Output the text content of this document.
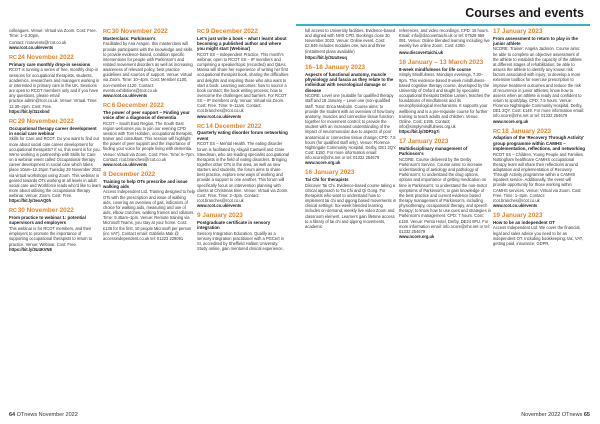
Courses and events
colleagues. Venue: Virtual via Zoom. Cost: Free. Time: 1–2.30pm.
Contact: rcotevents@rcot.co.uk
www.rcot.co.uk/events
RC 24 November 2022
Primary care monthly drop-in sessions
RCOT is running a series of free, monthly drop-in sessions for occupational therapists, students, academics, researchers and managers working in or interested in primary care in the UK. Sessions are open to RCOT members only and if you have any questions, please email practice.admin@rcot.co.uk. Venue: Virtual. Time: 12.30–2pm. Cost: Free.
https://bit.ly/3zzsbnd
RC 29 November 2022
Occupational therapy career development in social care webinar
Skills for Care and RCOT. Do you want to find out more about social care career development for occupational therapists? If so, this event is for you. We're working in partnership with Skills for Care on a webinar event called Occupational therapy career development in social care which takes place 10am–12.15pm Tuesday 29 November 2022 via virtual workshops using Zoom. This webinar is geared towards OTs working at all levels in adult social care and Workforce leads who'd like to learn more about utilising the occupational therapy webinar. Venue: Zoom. Cost: Free.
https://bit.ly/3exAQ0h
RC 30 November 2022
From practice to webinar 1: potential supervisors and employers
This webinar is for RCOT members, and their employers to promote the importance of supporting occupational therapists to return to practice. Venue: Webinar. Cost: Free.
https://bit.ly/3U4KVN8
RC 30 November 2022
Masterclass: Parkinson's
Facilitated by Ana Aragon, this masterclass will provide participants with the knowledge and skills to provide evidence-based, condition specific interventions for people with Parkinson's and related movement disorders as well as increasing awareness of relevant policy, best practice guidelines and sources of support. Venue: Virtual via Zoom. Time: 10–4pm. Cost: Member £100, non-member £120. Contact: events.exhibitions@rcot.co.uk
www.rcot.co.uk/events
RC 6 December 2022
The power of peer support – Finding your voice after a diagnosis of dementia
RCOT – South East Region. The South East region welcomes you to join our evening CPD session with Tom Hobden, occupational therapist, trainer and consultant. This session will highlight the power of peer support and the importance of finding your voice for people living with dementia. Venue: Virtual via Zoom. Cost: Free. Time: 6–7pm. Contact: rcot.branches@rcot.co.uk
www.rcot.co.uk/events
8 December 2022
Training to help OTs prescribe and issue walking aids
Access Independent Ltd. Training designed to help OTs with the prescription and issue of walking aids, covering an overview of gait, indicators of choice for walking aids, measuring and use of aids, elbow crutches, walking frames and rollators. Time: 9.45am–1pm. Venue: Remote training via Microsoft Teams, you stay at your home. Cost: £136 for the first, 10 people Microsoft per person (inc VAT). Contact email: Gabriela Mak @ accessindependent.co.uk tel: 01223 229091
RC 9 December 2022
Let's just write a book – what I learnt about becoming a published author and where you might start (Webinar)
RCOT SS – Independent Practice. This month's webinar, open to RCOT SS – IP members and comprising a speaker/topic (recorded) and Q&As. Marisa will share her experience of writing her first occupational therapist book, sharing the difficulties and delights and inspiring those who also want to start a book. Learning outcomes: how to source a book contract; the book writing process; how to overcome the challenges and barriers. For RCOT SS – IP members only. Venue: Virtual via Zoom. Cost: Free. Time: 9–11am. Contact: rcot.branches@rcot.co.uk
www.rcot.co.uk/events
RC 14 December 2022
Quarterly eating disorder forum networking event
RCOT SS – Mental Health. The eating disorder forum is facilitated by Abigail Cantwell and Clare Steedman, who are leading specialist occupational therapists in the field of eating disorders. Bringing together other OTs in the area, as well as new starters and students, the forum aims to share best practice, explore new ways of working and provide a support to one another. This forum will specifically focus on intervention planning with clients at Christmas time. Venue: Virtual via Zoom. Cost: Free. Time: 2–3pm. Contact: rcot.branches@rcot.co.uk
www.rcot.co.uk/events
9 January 2023
Postgraduate certificate in sensory integration
Sensory Integration Education. Qualify as a sensory integration practitioner with a PGCert in SI, accredited by Sheffield Hallam University. Study online, gain mentored clinical experience,
full access to University facilities. Evidence-based and aligned with NHS CPD. Bookings close 30 November 2022. Venue: Online event. Cost: £2,849 includes modules one, two and three (instalment plans available)
https://bit.ly/3UaSeuq
16–18 January 2023
Aspects of functional anatomy, muscle physiology and fascia as they relate to the individual with neurological damage or disease
NCORE. Level one (suitable for qualified therapy staff and 18 January – Level one (non-qualified staff. Tutor: Erica Malcolm. Course aims: to provide the student with an overview of how bony anatomy, muscles and connective tissue function together for movement control; to provide the student with an increased understanding of the impact of neuromuscular due to aspects of poor anatomical or connective tissue change; CPD: 7.5 hours (for qualified staff only). Venue: Florence Nightingale Community Hospital, Derby, DE1 2QY. Cost: £150. For more information email: info.ncore@nhs.net or tel: 01332 254679
www.ncore.org.uk
16 January 2023
Tai Chi for therapists
Discover Tai Chi. Evidence-based course taking a critical approach to Tai Chi and Qi Gong. For therapists who want to understand how to implement tai chi and qigong based movements in clinical settings. Six-week blended learning includes on-demand, weekly live video Zoom and classroom element. Learners gain lifetime access to a library of tai chi and qigong movements, academic
references, and video recordings. CPD: 16 hours. Email: info@discovertaichi.uk or tel: 07528 959 091. Venue: Online blended learning including live weekly live online Zoom. Cost: £250.
www.discovertaichi.uk
16 January – 13 March 2023
8-week mindfulness for life course
Simply Mindfulness. Mondays evenings, 7.30–9pm. This evidence-based 8-week mindfulness-based cognitive therapy course, developed by the University of Oxford and taught by specialist occupational therapist Debbie Larsen, teaches the foundations of mindfulness and its neurophysiological mechanisms. It supports your wellbeing and is a pre-requisite course for further training to teach adults and children. Venue: Online. Cost: £195. Contact: info@simplymindfulness.org.uk
https://bit.ly/3DP2g7i
17 January 2023
Multidisciplinary management of Parkinson's
NCORE. Course delivered by the Derby Parkinson's Service. Course aims: to increase understanding of aetiology and pathology of Parkinson's; to understand the drug options, options and importance of getting medication on time in Parkinson's; to understand the non-motor symptoms of Parkinson's; to gain knowledge of the best practice and current evidence based therapy management of Parkinson's, including physiotherapy, occupational therapy, and speech therapy; to know how to use cues and strategies in Parkinson's management. CPD: 7 hours. Cost: £150. Venue: Penta Hotel, Derby, DE24 8FU. For more information email: info.ncore@nhs.net or tel: 01332 254679
www.ncore.org.uk
17 January 2023
From assessment to return to play in the junior athlete
NCORE. Trainer: Angela Jackson. Course aims: be able to complete an objective assessment of the athlete to establish the capacity of the athlete at different stages of rehabilitation; be able to assess the athlete to identify any known risk factors associated with injury; to develop a more extensive toolbox for exercise prescription to improve treatment outcomes and reduce the risk of recurrence in junior athletes; know how to assess when an athlete is ready and confident to return to sport/play. CPD: 7.5 hours. Venue: Florence Nightingale Community Hospital, Derby, DE1 2QY. Cost: £149. For more information email: info.ncore@nhs.net or tel: 01332 254679
www.ncore.org.uk
RC 18 January 2023
Adaption of the 'Recovery Through Activity' group programme within CAMHS – implementation, reflections, and networking
RCOT SS – Children, Young People and Families. Nottingham healthcare CAMHS occupational therapy team will share their reflections around adaptation and implementation of Recovery Through Activity programme within a CAMHS inpatient service. Additionally, the event will provide opportunity for those working within CAMHS services. Venue: Virtual via Zoom. Cost: Free. Time: 1–3pm. Contact: rcot.branches@rcot.co.uk
www.rcot.co.uk/events
19 January 2023
How to be an independent OT
Access Independent Ltd. We cover the financial, legal and sales advice you need to be an independent OT. Including bookkeeping, tax, VAT, getting paid, insurance, GDPR,
64 OTnews November 2022	November 2022 OTnews 65
